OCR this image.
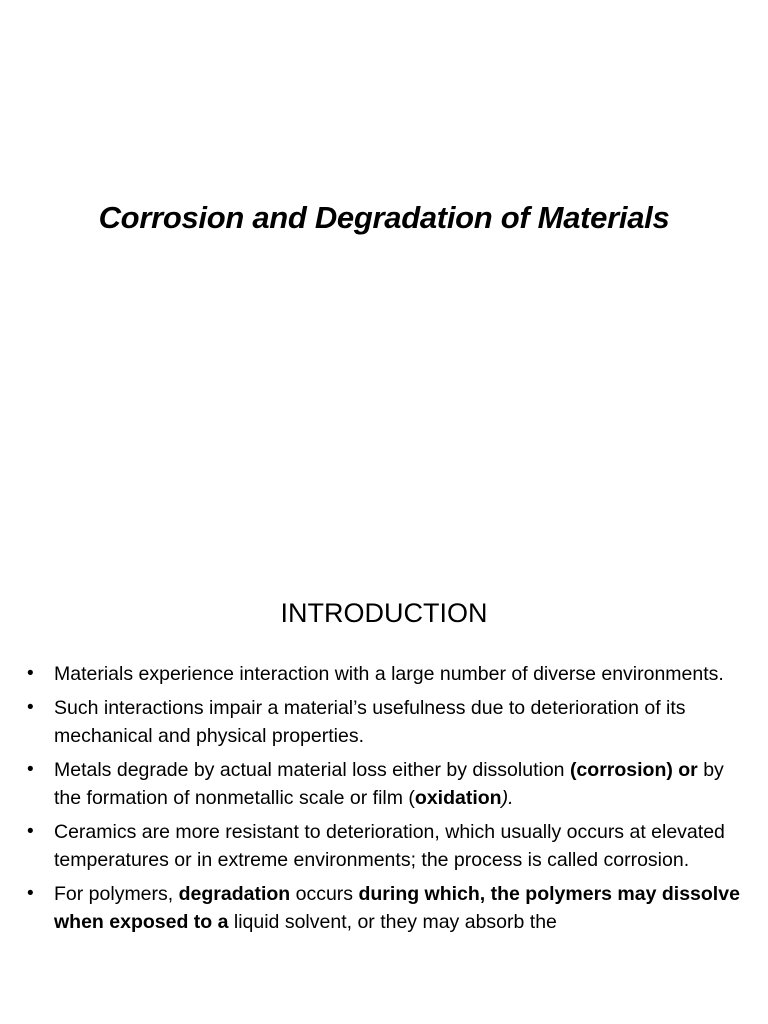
Corrosion and Degradation of Materials
INTRODUCTION
• Materials experience interaction with a large number of diverse environments.
• Such interactions impair a material’s usefulness due to deterioration of its mechanical and physical properties.
• Metals degrade by actual material loss either by dissolution (corrosion) or by the formation of nonmetallic scale or film (oxidation).
• Ceramics are more resistant to deterioration, which usually occurs at elevated temperatures or in extreme environments; the process is called corrosion.
• For polymers, degradation occurs during which, the polymers may dissolve when exposed to a liquid solvent, or they may absorb the
